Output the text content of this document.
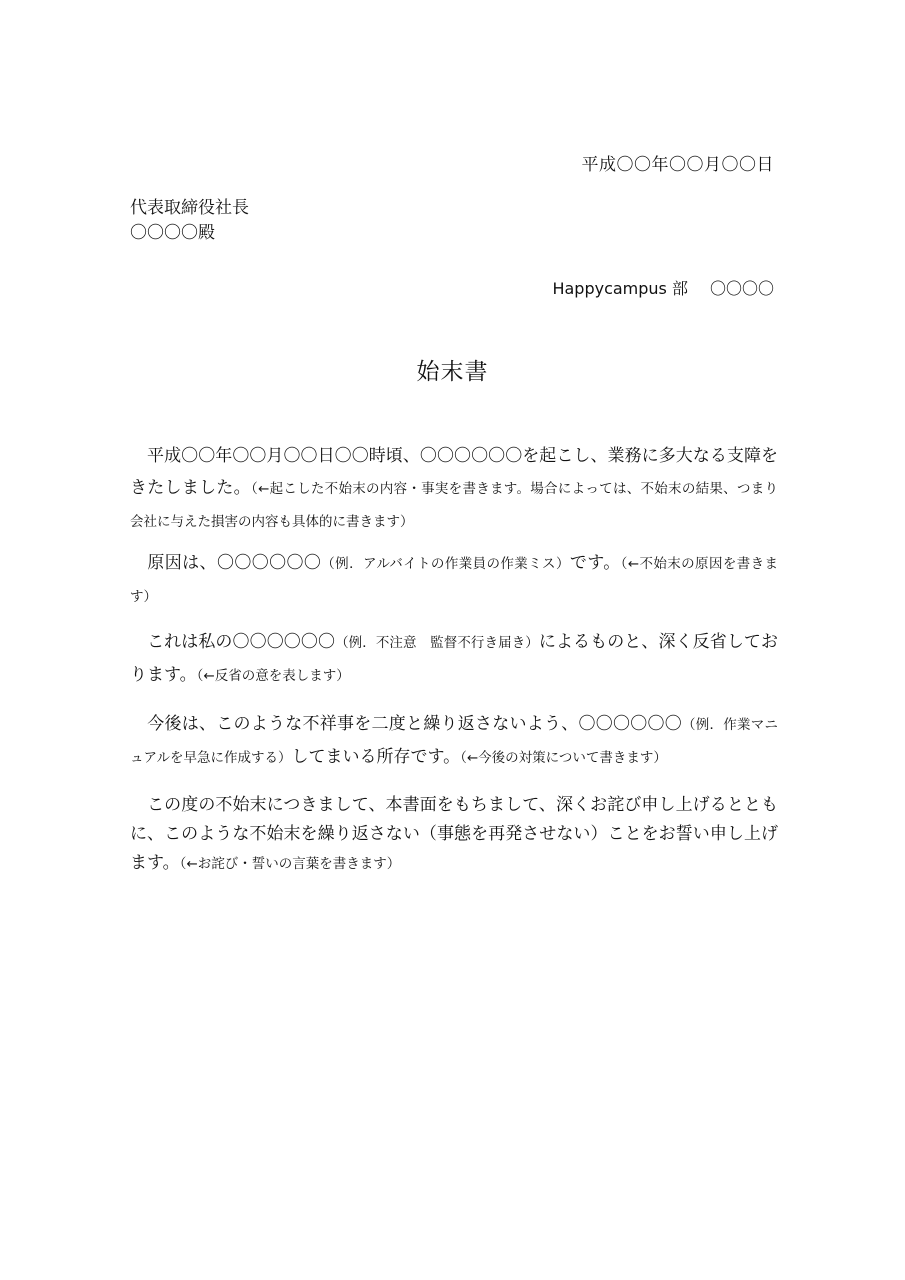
平成〇〇年〇〇月〇〇日
代表取締役社長
〇〇〇〇殿
Happycampus 部 〇〇〇〇
始末書
平成〇〇年〇〇月〇〇日〇〇時頃、〇〇〇〇〇〇を起こし、業務に多大なる支障をきたしました。（←起こした不始末の内容・事実を書きます。場合によっては、不始末の結果、つまり会社に与えた損害の内容も具体的に書きます）
原因は、〇〇〇〇〇〇（例．アルバイトの作業員の作業ミス）です。（←不始末の原因を書きます）
これは私の〇〇〇〇〇〇（例．不注意　監督不行き届き）によるものと、深く反省しております。（←反省の意を表します）
今後は、このような不祥事を二度と繰り返さないよう、〇〇〇〇〇〇（例．作業マニュアルを早急に作成する）してまいる所存です。（←今後の対策について書きます）
この度の不始末につきまして、本書面をもちまして、深くお詫び申し上げるとともに、このような不始末を繰り返さない（事態を再発させない）ことをお誓い申し上げます。（←お詫び・誓いの言葉を書きます）
